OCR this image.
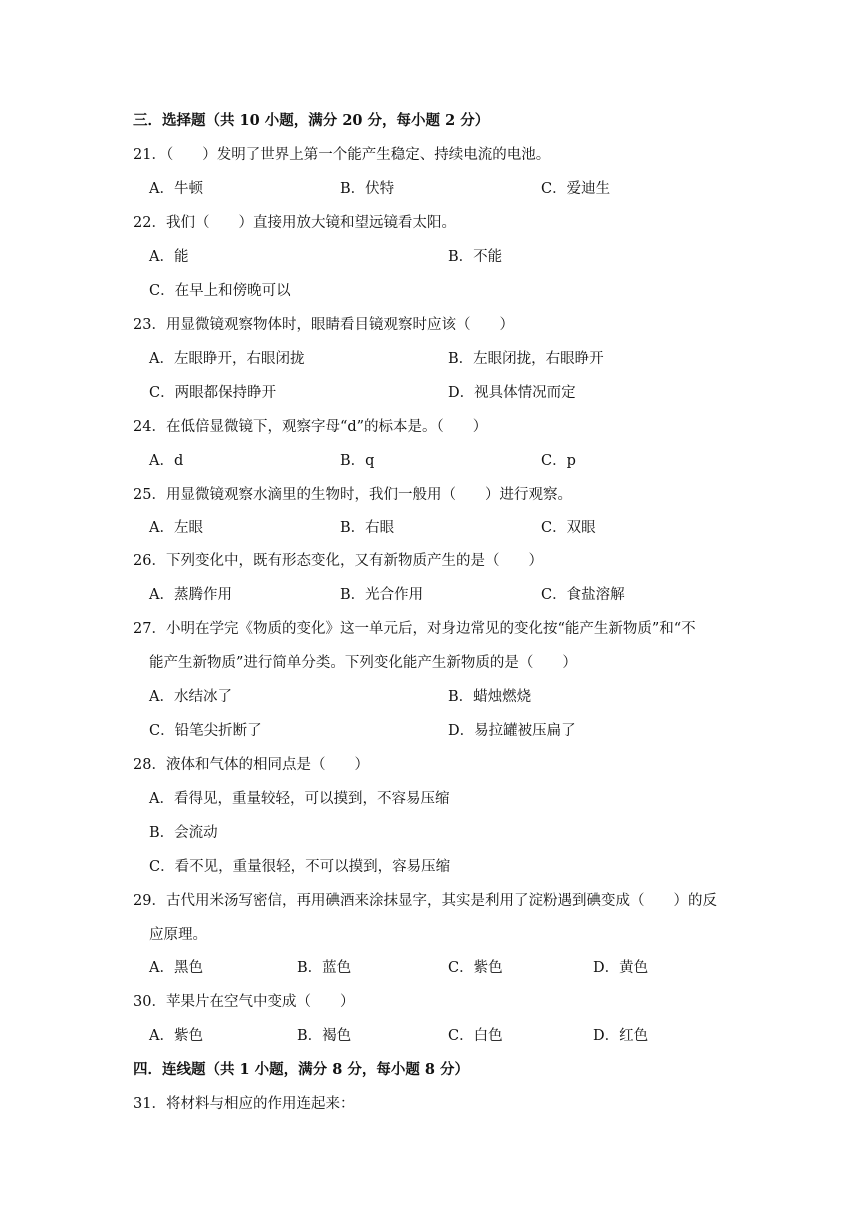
三．选择题（共 10 小题，满分 20 分，每小题 2 分）
21．（　　）发明了世界上第一个能产生稳定、持续电流的电池。
A．牛顿	B．伏特	C．爱迪生
22．我们（　　）直接用放大镜和望远镜看太阳。
A．能	B．不能
C．在早上和傍晚可以
23．用显微镜观察物体时，眼睛看目镜观察时应该（　　）
A．左眼睁开，右眼闭拢	B．左眼闭拢，右眼睁开
C．两眼都保持睁开	D．视具体情况而定
24．在低倍显微镜下，观察字母“d”的标本是。（　　）
A．d	B．q	C．p
25．用显微镜观察水滴里的生物时，我们一般用（　　）进行观察。
A．左眼	B．右眼	C．双眼
26．下列变化中，既有形态变化，又有新物质产生的是（　　）
A．蒸腾作用	B．光合作用	C．食盐溶解
27．小明在学完《物质的变化》这一单元后，对身边常见的变化按“能产生新物质”和“不
能产生新物质”进行简单分类。下列变化能产生新物质的是（　　）
A．水结冰了	B．蜡烛燃烧
C．铅笔尖折断了	D．易拉罐被压扁了
28．液体和气体的相同点是（　　）
A．看得见，重量较轻，可以摸到，不容易压缩
B．会流动
C．看不见，重量很轻，不可以摸到，容易压缩
29．古代用米汤写密信，再用碘酒来涂抹显字，其实是利用了淀粉遇到碘变成（　　）的反
应原理。
A．黑色	B．蓝色	C．紫色	D．黄色
30．苹果片在空气中变成（　　）
A．紫色	B．褐色	C．白色	D．红色
四．连线题（共 1 小题，满分 8 分，每小题 8 分）
31．将材料与相应的作用连起来：
